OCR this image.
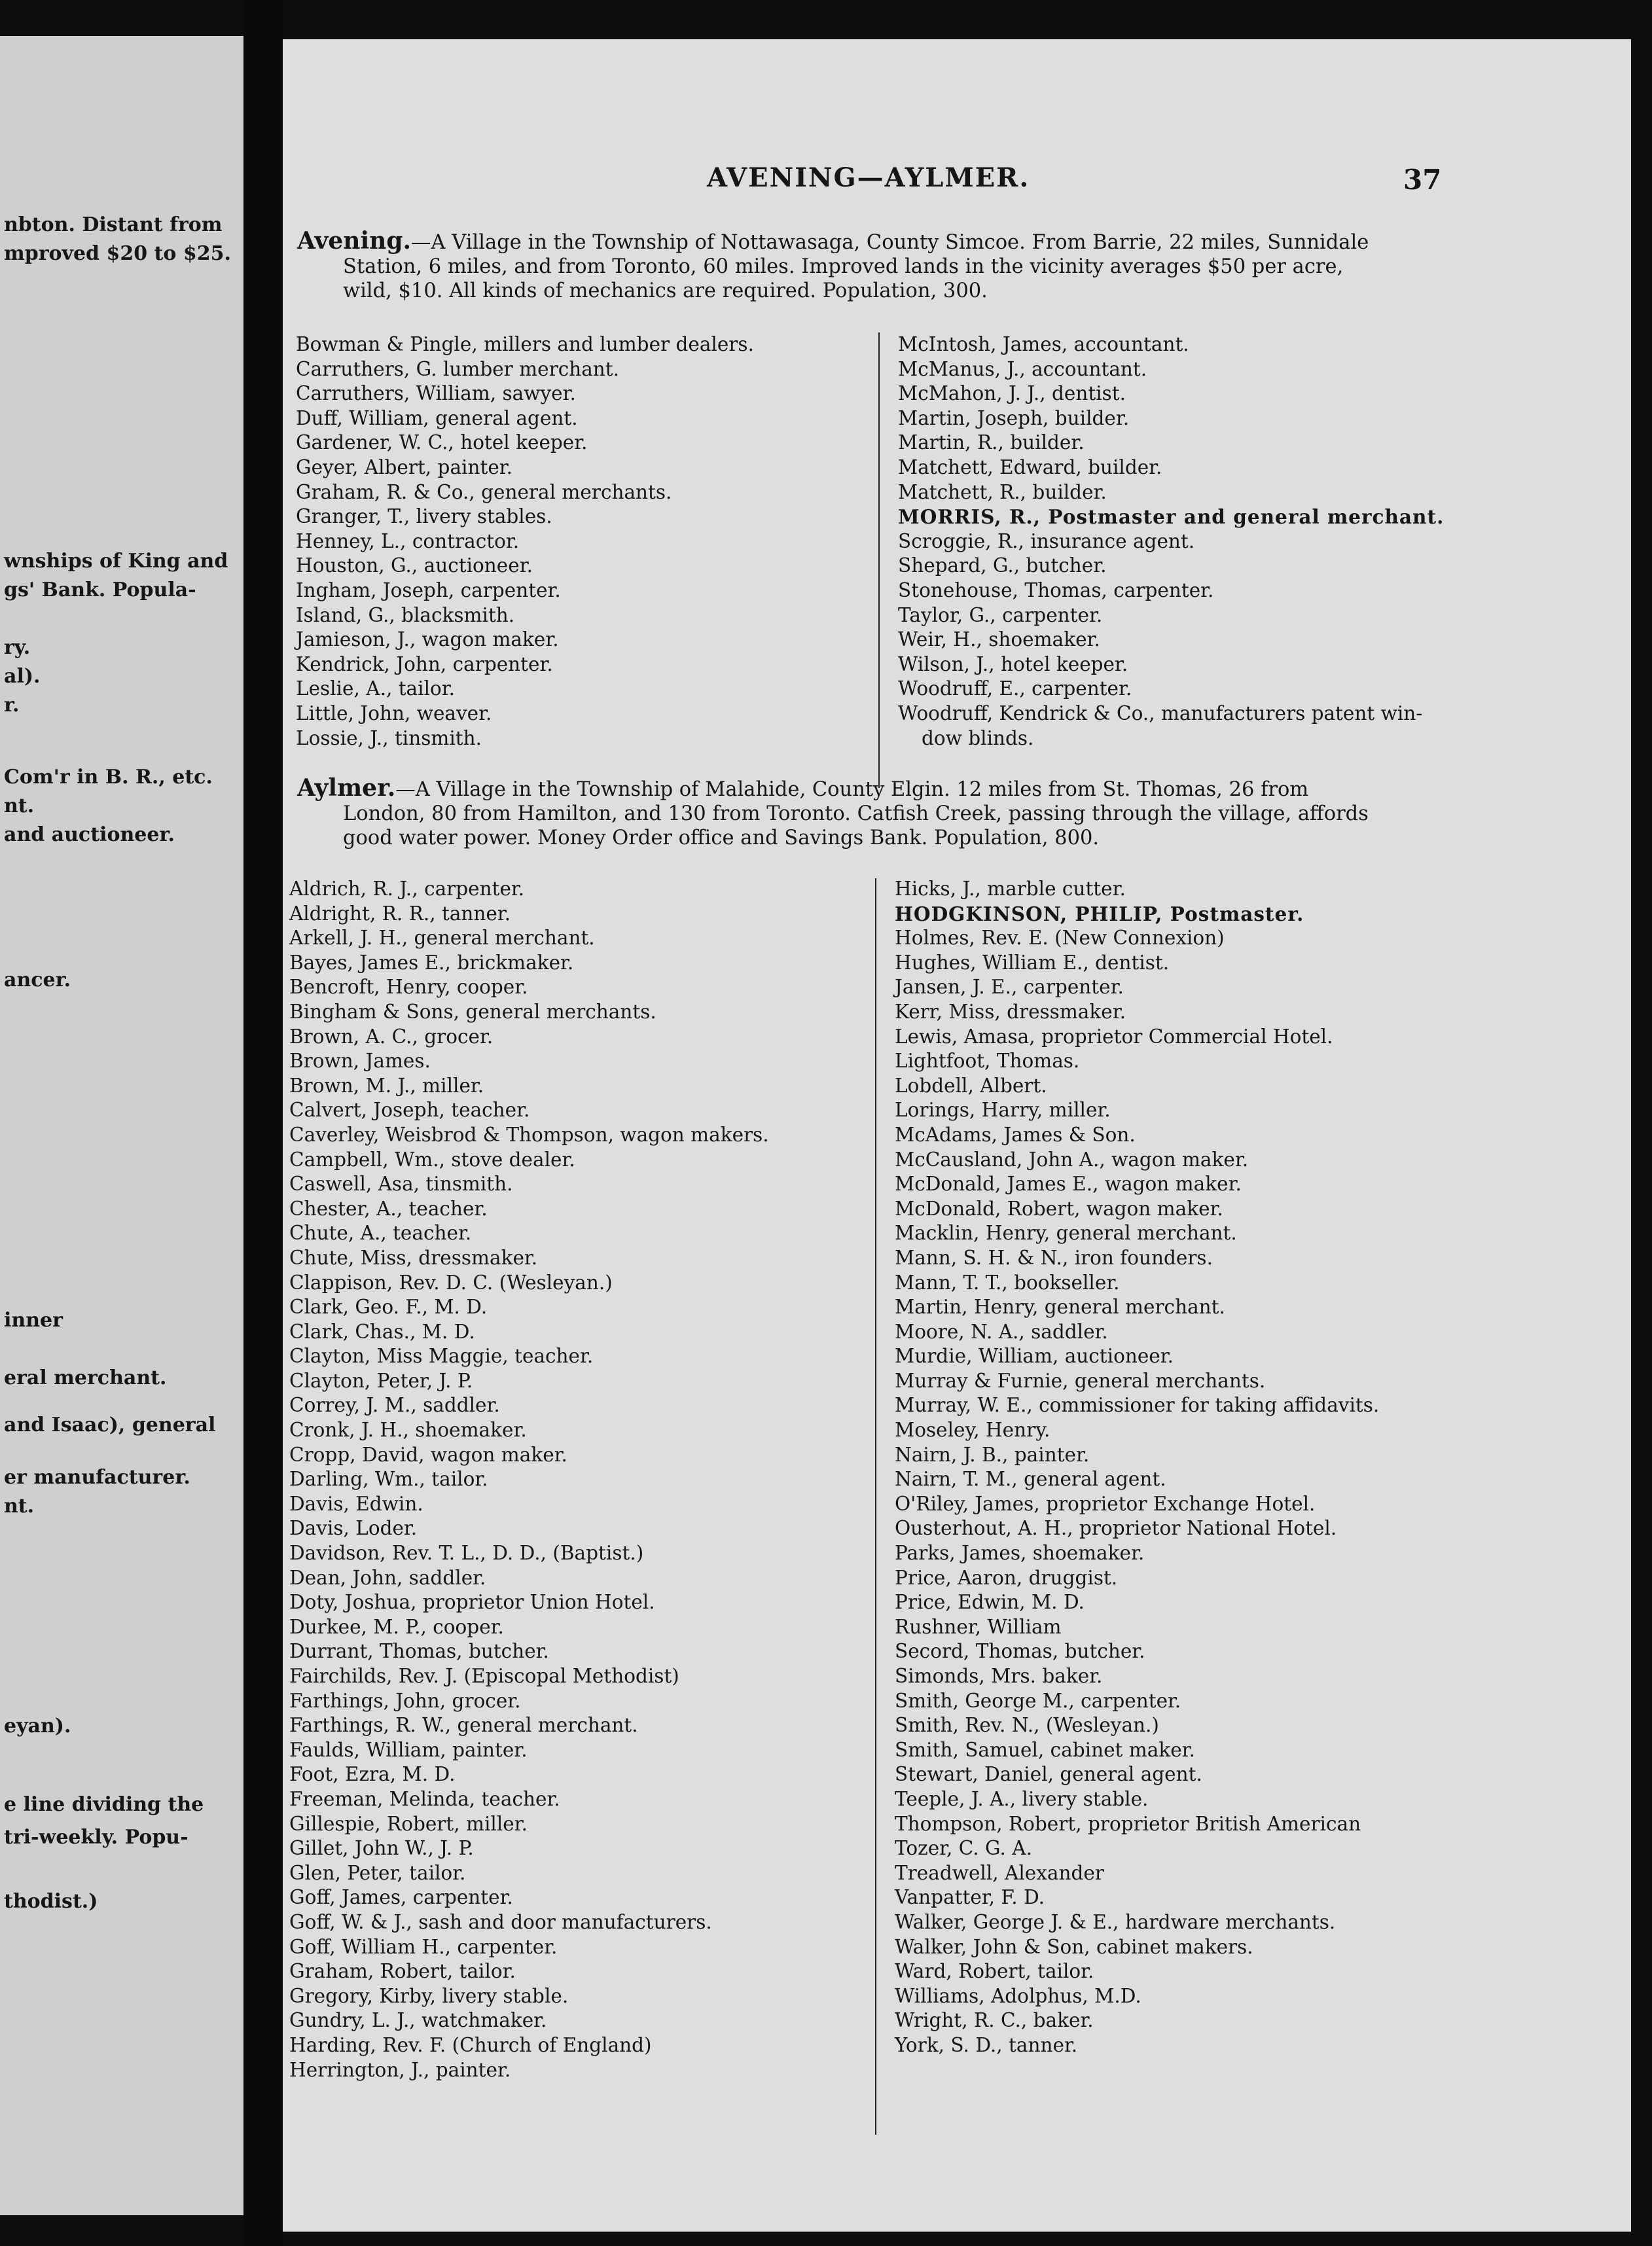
nbton. Distant from
mproved $20 to $25.
wnships of King and
gs' Bank. Popula-
ry.
al).
r.
Com'r in B. R., etc.
nt.
and auctioneer.
ancer.
inner
eral merchant.
and Isaac), general
er manufacturer.
nt.
eyan).
e line dividing the
tri-weekly. Popu-
thodist.)
AVENING—AYLMER.	37
Avening.—A Village in the Township of Nottawasaga, County Simcoe. From Barrie, 22 miles, Sunnidale
Station, 6 miles, and from Toronto, 60 miles. Improved lands in the vicinity averages $50 per acre,
wild, $10. All kinds of mechanics are required. Population, 300.
Bowman & Pingle, millers and lumber dealers.
Carruthers, G. lumber merchant.
Carruthers, William, sawyer.
Duff, William, general agent.
Gardener, W. C., hotel keeper.
Geyer, Albert, painter.
Graham, R. & Co., general merchants.
Granger, T., livery stables.
Henney, L., contractor.
Houston, G., auctioneer.
Ingham, Joseph, carpenter.
Island, G., blacksmith.
Jamieson, J., wagon maker.
Kendrick, John, carpenter.
Leslie, A., tailor.
Little, John, weaver.
Lossie, J., tinsmith.
McIntosh, James, accountant.
McManus, J., accountant.
McMahon, J. J., dentist.
Martin, Joseph, builder.
Martin, R., builder.
Matchett, Edward, builder.
Matchett, R., builder.
MORRIS, R., Postmaster and general merchant.
Scroggie, R., insurance agent.
Shepard, G., butcher.
Stonehouse, Thomas, carpenter.
Taylor, G., carpenter.
Weir, H., shoemaker.
Wilson, J., hotel keeper.
Woodruff, E., carpenter.
Woodruff, Kendrick & Co., manufacturers patent win-
dow blinds.
Aylmer.—A Village in the Township of Malahide, County Elgin. 12 miles from St. Thomas, 26 from
London, 80 from Hamilton, and 130 from Toronto. Catfish Creek, passing through the village, affords
good water power. Money Order office and Savings Bank. Population, 800.
Aldrich, R. J., carpenter.
Aldright, R. R., tanner.
Arkell, J. H., general merchant.
Bayes, James E., brickmaker.
Bencroft, Henry, cooper.
Bingham & Sons, general merchants.
Brown, A. C., grocer.
Brown, James.
Brown, M. J., miller.
Calvert, Joseph, teacher.
Caverley, Weisbrod & Thompson, wagon makers.
Campbell, Wm., stove dealer.
Caswell, Asa, tinsmith.
Chester, A., teacher.
Chute, A., teacher.
Chute, Miss, dressmaker.
Clappison, Rev. D. C. (Wesleyan.)
Clark, Geo. F., M. D.
Clark, Chas., M. D.
Clayton, Miss Maggie, teacher.
Clayton, Peter, J. P.
Correy, J. M., saddler.
Cronk, J. H., shoemaker.
Cropp, David, wagon maker.
Darling, Wm., tailor.
Davis, Edwin.
Davis, Loder.
Davidson, Rev. T. L., D. D., (Baptist.)
Dean, John, saddler.
Doty, Joshua, proprietor Union Hotel.
Durkee, M. P., cooper.
Durrant, Thomas, butcher.
Fairchilds, Rev. J. (Episcopal Methodist)
Farthings, John, grocer.
Farthings, R. W., general merchant.
Faulds, William, painter.
Foot, Ezra, M. D.
Freeman, Melinda, teacher.
Gillespie, Robert, miller.
Gillet, John W., J. P.
Glen, Peter, tailor.
Goff, James, carpenter.
Goff, W. & J., sash and door manufacturers.
Goff, William H., carpenter.
Graham, Robert, tailor.
Gregory, Kirby, livery stable.
Gundry, L. J., watchmaker.
Harding, Rev. F. (Church of England)
Herrington, J., painter.
Hicks, J., marble cutter.
HODGKINSON, PHILIP, Postmaster.
Holmes, Rev. E. (New Connexion)
Hughes, William E., dentist.
Jansen, J. E., carpenter.
Kerr, Miss, dressmaker.
Lewis, Amasa, proprietor Commercial Hotel.
Lightfoot, Thomas.
Lobdell, Albert.
Lorings, Harry, miller.
McAdams, James & Son.
McCausland, John A., wagon maker.
McDonald, James E., wagon maker.
McDonald, Robert, wagon maker.
Macklin, Henry, general merchant.
Mann, S. H. & N., iron founders.
Mann, T. T., bookseller.
Martin, Henry, general merchant.
Moore, N. A., saddler.
Murdie, William, auctioneer.
Murray & Furnie, general merchants.
Murray, W. E., commissioner for taking affidavits.
Moseley, Henry.
Nairn, J. B., painter.
Nairn, T. M., general agent.
O'Riley, James, proprietor Exchange Hotel.
Ousterhout, A. H., proprietor National Hotel.
Parks, James, shoemaker.
Price, Aaron, druggist.
Price, Edwin, M. D.
Rushner, William
Secord, Thomas, butcher.
Simonds, Mrs. baker.
Smith, George M., carpenter.
Smith, Rev. N., (Wesleyan.)
Smith, Samuel, cabinet maker.
Stewart, Daniel, general agent.
Teeple, J. A., livery stable.
Thompson, Robert, proprietor British American
Tozer, C. G. A.
Treadwell, Alexander
Vanpatter, F. D.
Walker, George J. & E., hardware merchants.
Walker, John & Son, cabinet makers.
Ward, Robert, tailor.
Williams, Adolphus, M.D.
Wright, R. C., baker.
York, S. D., tanner.
